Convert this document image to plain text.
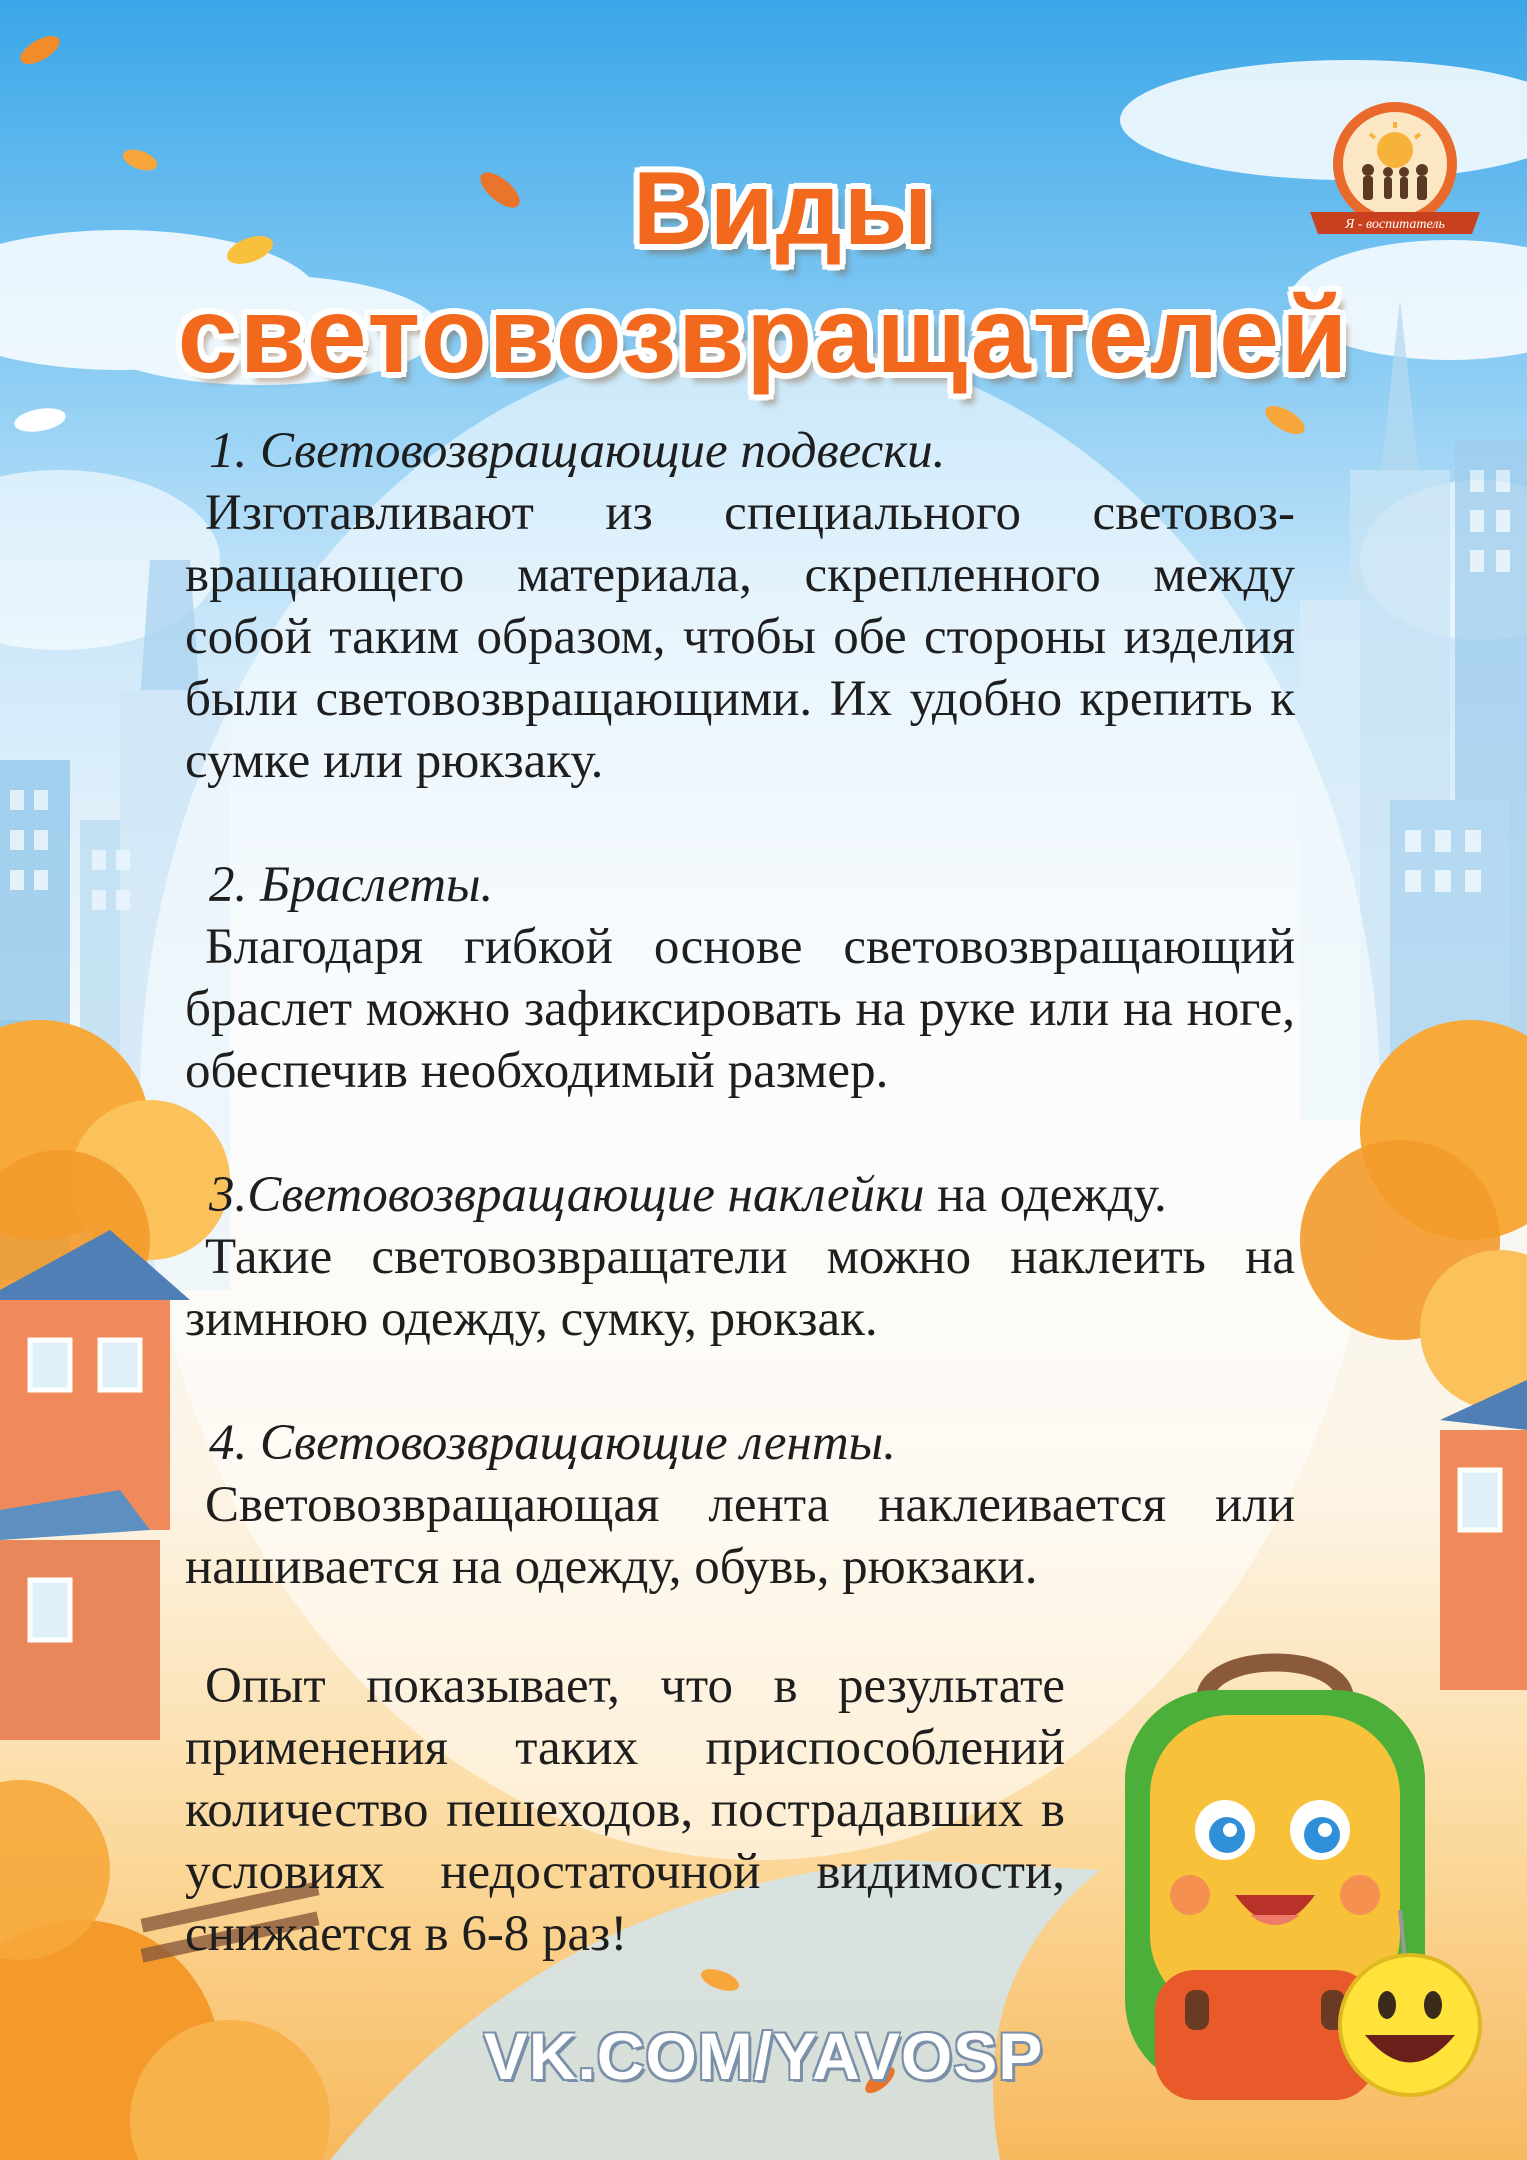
Я - воспитатель
Виды
световозвращателей
1. Световозвращающие подвески.
Изготавливают из специального световозвращающего материала, скрепленного между собой таким образом, чтобы обе стороны изделия были световозвращающими. Их удобно крепить к сумке или рюкзаку.
2. Браслеты.
Благодаря гибкой основе световозвращающий браслет можно зафиксировать на руке или на ноге, обеспечив необходимый размер.
3.Световозвращающие наклейки на одежду.
Такие световозвращатели можно наклеить на зимнюю одежду, сумку, рюкзак.
4. Световозвращающие ленты.
Световозвращающая лента наклеивается или нашивается на одежду, обувь, рюкзаки.
Опыт показывает, что в результате применения таких приспособлений количество пешеходов, пострадавших в условиях недостаточной видимости, снижается в 6-8 раз!
VK.COM/YAVOSP
